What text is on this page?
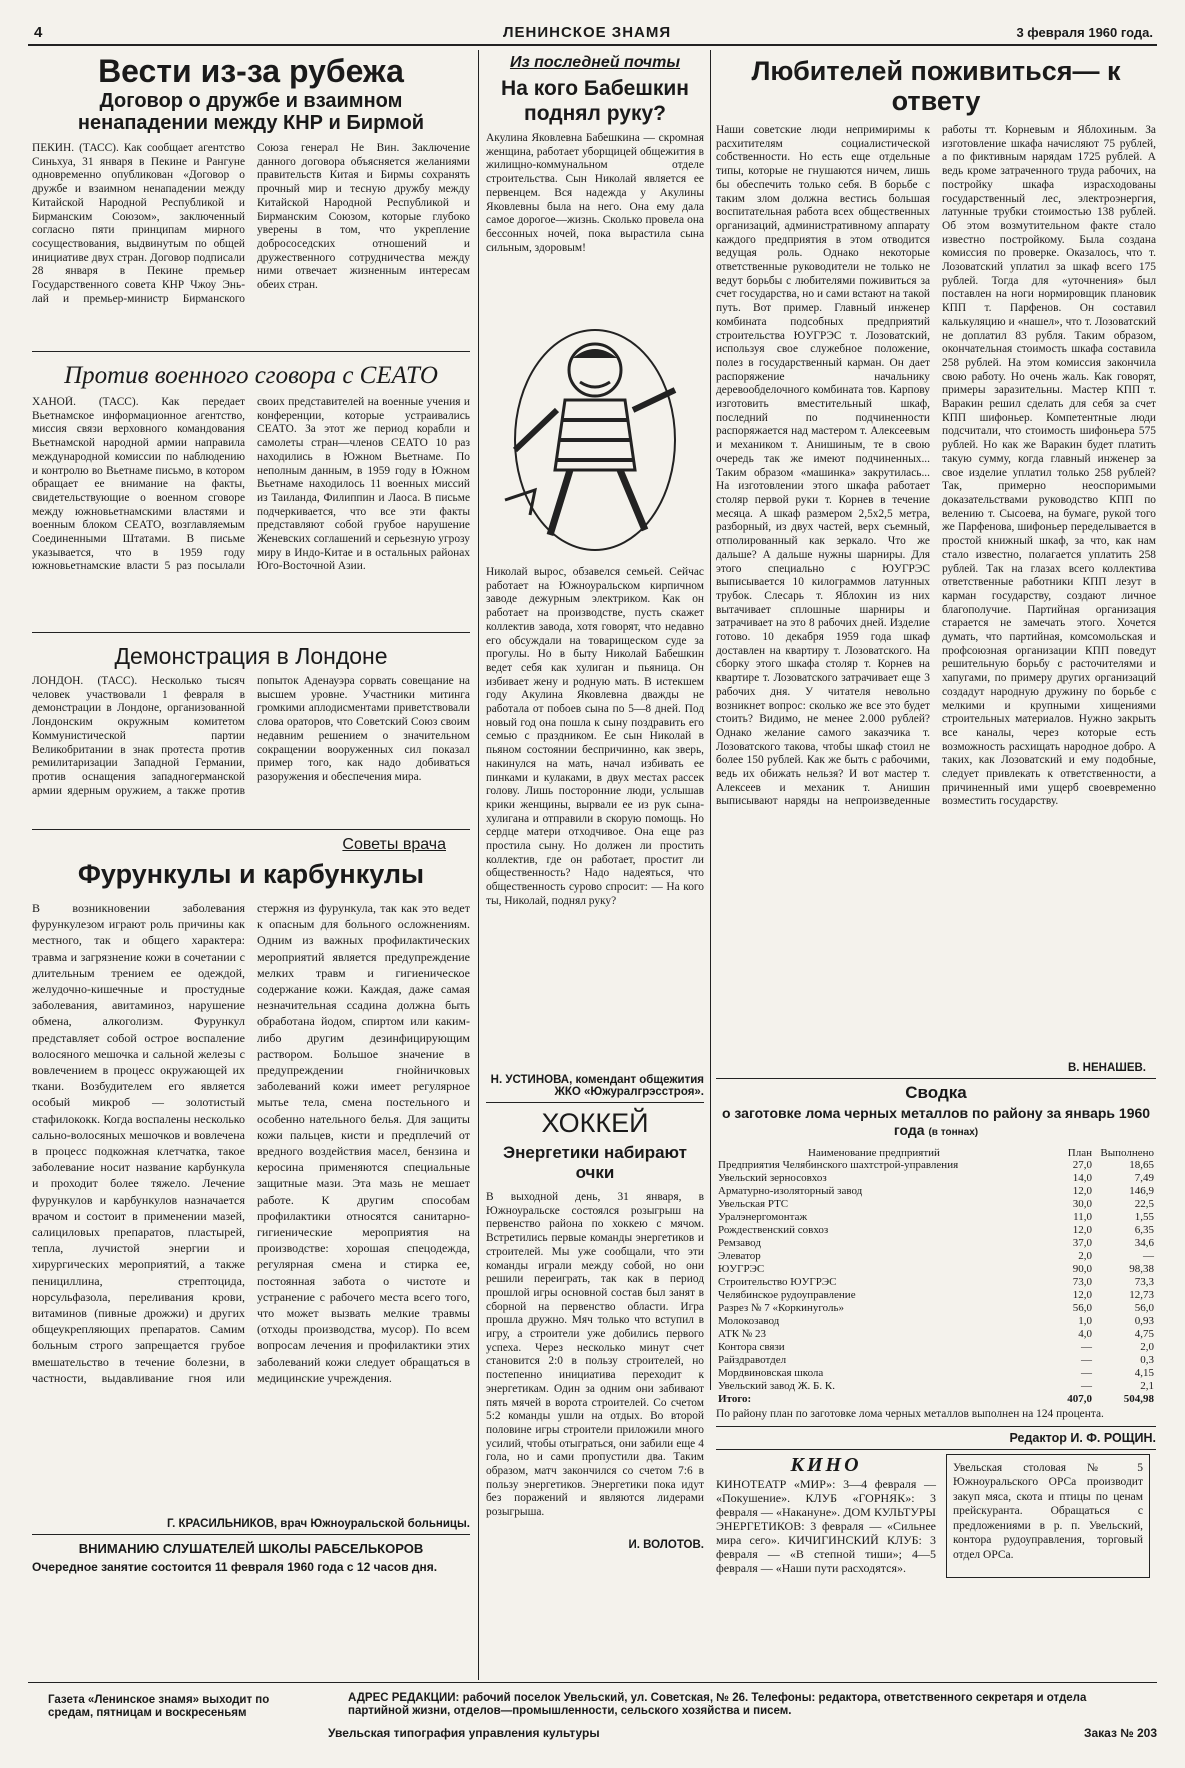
4	ЛЕНИНСКОЕ ЗНАМЯ	3 февраля 1960 года.
Вести из-за рубежа
Договор о дружбе и взаимном ненападении между КНР и Бирмой

ПЕКИН. (ТАСС). Как сообщает агентство Синьхуа, 31 января в Пекине и Рангуне одновременно опубликован «Договор о дружбе и взаимном ненападении между Китайской Народной Республикой и Бирманским Союзом», заключенный согласно пяти принципам мирного сосуществования, выдвинутым по общей инициативе двух стран. Договор подписали 28 января в Пекине премьер Государственного совета КНР Чжоу Энь-лай и премьер-министр Бирманского Союза генерал Не Вин. Заключение данного договора объясняется желаниями правительств Китая и Бирмы сохранять прочный мир и тесную дружбу между Китайской Народной Республикой и Бирманским Союзом, которые глубоко уверены в том, что укрепление добрососедских отношений и дружественного сотрудничества между ними отвечает жизненным интересам обеих стран.

Против военного сговора с СЕАТО

ХАНОЙ. (ТАСС). Как передает Вьетнамское информационное агентство, миссия связи верховного командования Вьетнамской народной армии направила международной комиссии по наблюдению и контролю во Вьетнаме письмо, в котором обращает ее внимание на факты, свидетельствующие о военном сговоре между южновьетнамскими властями и военным блоком СЕАТО, возглавляемым Соединенными Штатами. В письме указывается, что в 1959 году южновьетнамские власти 5 раз посылали своих представителей на военные учения и конференции, которые устраивались СЕАТО. За этот же период корабли и самолеты стран—членов СЕАТО 10 раз находились в Южном Вьетнаме. По неполным данным, в 1959 году в Южном Вьетнаме находилось 11 военных миссий из Таиланда, Филиппин и Лаоса. В письме подчеркивается, что все эти факты представляют собой грубое нарушение Женевских соглашений и серьезную угрозу миру в Индо-Китае и в остальных районах Юго-Восточной Азии.

Демонстрация в Лондоне

ЛОНДОН. (ТАСС). Несколько тысяч человек участвовали 1 февраля в демонстрации в Лондоне, организованной Лондонским окружным комитетом Коммунистической партии Великобритании в знак протеста против ремилитаризации Западной Германии, против оснащения западногерманской армии ядерным оружием, а также против попыток Аденауэра сорвать совещание на высшем уровне. Участники митинга громкими аплодисментами приветствовали слова ораторов, что Советский Союз своим недавним решением о значительном сокращении вооруженных сил показал пример того, как надо добиваться разоружения и обеспечения мира.

Советы врача
Фурункулы и карбункулы

В возникновении заболевания фурункулезом играют роль причины как местного, так и общего характера: травма и загрязнение кожи в сочетании с длительным трением ее одеждой, желудочно-кишечные и простудные заболевания, авитаминоз, нарушение обмена, алкоголизм. Фурункул представляет собой острое воспаление волосяного мешочка и сальной железы с вовлечением в процесс окружающей их ткани. Возбудителем его является особый микроб — золотистый стафилококк. Когда воспалены несколько сально-волосяных мешочков и вовлечена в процесс подкожная клетчатка, такое заболевание носит название карбункула и проходит более тяжело. Лечение фурункулов и карбункулов назначается врачом и состоит в применении мазей, салициловых препаратов, пластырей, тепла, лучистой энергии и хирургических мероприятий, а также пенициллина, стрептоцида, норсульфазола, переливания крови, витаминов (пивные дрожжи) и других общеукрепляющих препаратов. Самим больным строго запрещается грубое вмешательство в течение болезни, в частности, выдавливание гноя или стержня из фурункула, так как это ведет к опасным для больного осложнениям. Одним из важных профилактических мероприятий является предупреждение мелких травм и гигиеническое содержание кожи. Каждая, даже самая незначительная ссадина должна быть обработана йодом, спиртом или каким-либо другим дезинфицирующим раствором. Большое значение в предупреждении гнойничковых заболеваний кожи имеет регулярное мытье тела, смена постельного и особенно нательного белья. Для защиты кожи пальцев, кисти и предплечий от вредного воздействия масел, бензина и керосина применяются специальные защитные мази. Эта мазь не мешает работе. К другим способам профилактики относятся санитарно-гигиенические мероприятия на производстве: хорошая спецодежда, регулярная смена и стирка ее, постоянная забота о чистоте и устранение с рабочего места всего того, что может вызвать мелкие травмы (отходы производства, мусор). По всем вопросам лечения и профилактики этих заболеваний кожи следует обращаться в медицинские учреждения.

Г. КРАСИЛЬНИКОВ, врач Южноуральской больницы.
ВНИМАНИЮ СЛУШАТЕЛЕЙ ШКОЛЫ РАБСЕЛЬКОРОВ
Очередное занятие состоится 11 февраля 1960 года с 12 часов дня.
Из последней почты
На кого Бабешкин поднял руку?

Акулина Яковлевна Бабешкина — скромная женщина, работает уборщицей общежития в жилищно-коммунальном отделе строительства. Сын Николай является ее первенцем. Вся надежда у Акулины Яковлевны была на него. Она ему дала самое дорогое—жизнь. Сколько провела она бессонных ночей, пока вырастила сына сильным, здоровым!

Николай вырос, обзавелся семьей. Сейчас работает на Южноуральском кирпичном заводе дежурным электриком. Как он работает на производстве, пусть скажет коллектив завода, хотя говорят, что недавно его обсуждали на товарищеском суде за прогулы. Но в быту Николай Бабешкин ведет себя как хулиган и пьяница. Он избивает жену и родную мать. В истекшем году Акулина Яковлевна дважды не работала от побоев сына по 5—8 дней. Под новый год она пошла к сыну поздравить его семью с праздником. Ее сын Николай в пьяном состоянии беспричинно, как зверь, накинулся на мать, начал избивать ее пинками и кулаками, в двух местах рассек голову. Лишь посторонние люди, услышав крики женщины, вырвали ее из рук сына-хулигана и отправили в скорую помощь. Но сердце матери отходчивое. Она еще раз простила сыну. Но должен ли простить коллектив, где он работает, простит ли общественность? Надо надеяться, что общественность сурово спросит: — На кого ты, Николай, поднял руку?

Н. УСТИНОВА, комендант общежития ЖКО «Южуралгрэсстроя».
ХОККЕЙ
Энергетики набирают очки

В выходной день, 31 января, в Южноуральске состоялся розыгрыш на первенство района по хоккею с мячом. Встретились первые команды энергетиков и строителей. Мы уже сообщали, что эти команды играли между собой, но они решили переиграть, так как в период прошлой игры основной состав был занят в сборной на первенство области. Игра прошла дружно. Мяч только что вступил в игру, а строители уже добились первого успеха. Через несколько минут счет становится 2:0 в пользу строителей, но постепенно инициатива переходит к энергетикам. Один за одним они забивают пять мячей в ворота строителей. Со счетом 5:2 команды ушли на отдых. Во второй половине игры строители приложили много усилий, чтобы отыграться, они забили еще 4 гола, но и сами пропустили два. Таким образом, матч закончился со счетом 7:6 в пользу энергетиков. Энергетики пока идут без поражений и являются лидерами розыгрыша.

И. ВОЛОТОВ.
Любителей поживиться— к ответу

Наши советские люди непримиримы к расхитителям социалистической собственности. Но есть еще отдельные типы, которые не гнушаются ничем, лишь бы обеспечить только себя. В борьбе с таким злом должна вестись большая воспитательная работа всех общественных организаций, административному аппарату каждого предприятия в этом отводится ведущая роль. Однако некоторые ответственные руководители не только не ведут борьбы с любителями поживиться за счет государства, но и сами встают на такой путь. Вот пример. Главный инженер комбината подсобных предприятий строительства ЮУГРЭС т. Лозоватский, используя свое служебное положение, полез в государственный карман. Он дает распоряжение начальнику деревообделочного комбината тов. Карпову изготовить вместительный шкаф, последний по подчиненности распоряжается над мастером т. Алексеевым и механиком т. Анишиным, те в свою очередь так же имеют подчиненных... Таким образом «машинка» закрутилась... На изготовлении этого шкафа работает столяр первой руки т. Корнев в течение месяца. А шкаф размером 2,5х2,5 метра, разборный, из двух частей, верх съемный, отполированный как зеркало. Что же дальше? А дальше нужны шарниры. Для этого специально с ЮУГРЭС выписывается 10 килограммов латунных трубок. Слесарь т. Яблохин из них вытачивает сплошные шарниры и затрачивает на это 8 рабочих дней. Изделие готово. 10 декабря 1959 года шкаф доставлен на квартиру т. Лозоватского. На сборку этого шкафа столяр т. Корнев на квартире т. Лозоватского затрачивает еще 3 рабочих дня. У читателя невольно возникнет вопрос: сколько же все это будет стоить? Видимо, не менее 2.000 рублей? Однако желание самого заказчика т. Лозоватского такова, чтобы шкаф стоил не более 150 рублей. Как же быть с рабочими, ведь их обижать нельзя? И вот мастер т. Алексеев и механик т. Анишин выписывают наряды на непроизведенные работы тт. Корневым и Яблохиным. За изготовление шкафа начисляют 75 рублей, а по фиктивным нарядам 1725 рублей. А ведь кроме затраченного труда рабочих, на постройку шкафа израсходованы государственный лес, электроэнергия, латунные трубки стоимостью 138 рублей. Об этом возмутительном факте стало известно постройкому. Была создана комиссия по проверке. Оказалось, что т. Лозоватский уплатил за шкаф всего 175 рублей. Тогда для «уточнения» был поставлен на ноги нормировщик плановик КПП т. Парфенов. Он составил калькуляцию и «нашел», что т. Лозоватский не доплатил 83 рубля. Таким образом, окончательная стоимость шкафа составила 258 рублей. На этом комиссия закончила свою работу. Но очень жаль. Как говорят, примеры заразительны. Мастер КПП т. Варакин решил сделать для себя за счет КПП шифоньер. Компетентные люди подсчитали, что стоимость шифоньера 575 рублей. Но как же Варакин будет платить такую сумму, когда главный инженер за свое изделие уплатил только 258 рублей? Так, примерно неоспоримыми доказательствами руководство КПП по велению т. Сысоева, на бумаге, рукой того же Парфенова, шифоньер переделывается в простой книжный шкаф, за что, как нам стало известно, полагается уплатить 258 рублей. Так на глазах всего коллектива ответственные работники КПП лезут в карман государству, создают личное благополучие. Партийная организация старается не замечать этого. Хочется думать, что партийная, комсомольская и профсоюзная организации КПП поведут решительную борьбу с расточителями и хапугами, по примеру других организаций создадут народную дружину по борьбе с мелкими и крупными хищениями строительных материалов. Нужно закрыть все каналы, через которые есть возможность расхищать народное добро. А таких, как Лозоватский и ему подобные, следует привлекать к ответственности, а причиненный ими ущерб своевременно возместить государству.

В. НЕНАШЕВ.
Сводка
о заготовке лома черных металлов по району за январь 1960 года (в тоннах)
Наименование предприятий	План	Выполнено
Предприятия Челябинского шахтстрой-управления	27,0	18,65
Увельский зерносовхоз	14,0	7,49
Арматурно-изоляторный завод	12,0	146,9
Увельская РТС	30,0	22,5
Уралэнергомонтаж	11,0	1,55
Рождественский совхоз	12,0	6,35
Ремзавод	37,0	34,6
Элеватор	2,0	—
ЮУГРЭС	90,0	98,38
Строительство ЮУГРЭС	73,0	73,3
Челябинское рудоуправление	12,0	12,73
Разрез № 7 «Коркинуголь»	56,0	56,0
Молокозавод	1,0	0,93
АТК № 23	4,0	4,75
Контора связи	—	2,0
Райздравотдел	—	0,3
Мордвиновская школа	—	4,15
Увельский завод Ж. Б. К.	—	2,1
Итого:	407,0	504,98

По району план по заготовке лома черных металлов выполнен на 124 процента.

Редактор И. Ф. РОЩИН.
КИНО

КИНОТЕАТР «МИР»: 3—4 февраля — «Покушение». КЛУБ «ГОРНЯК»: 3 февраля — «Накануне». ДОМ КУЛЬТУРЫ ЭНЕРГЕТИКОВ: 3 февраля — «Сильнее мира сего». КИЧИГИНСКИЙ КЛУБ: 3 февраля — «В степной тиши»; 4—5 февраля — «Наши пути расходятся».

Увельская столовая № 5 Южноуральского ОРСа производит закуп мяса, скота и птицы по ценам прейскуранта. Обращаться с предложениями в р. п. Увельский, контора рудоуправления, торговый отдел ОРСа.

Газета «Ленинское знамя» выходит по средам, пятницам и воскресеньям
АДРЕС РЕДАКЦИИ: рабочий поселок Увельский, ул. Советская, № 26. Телефоны: редактора, ответственного секретаря и отдела партийной жизни, отделов—промышленности, сельского хозяйства и писем.
Увельская типография управления культуры	Заказ № 203
